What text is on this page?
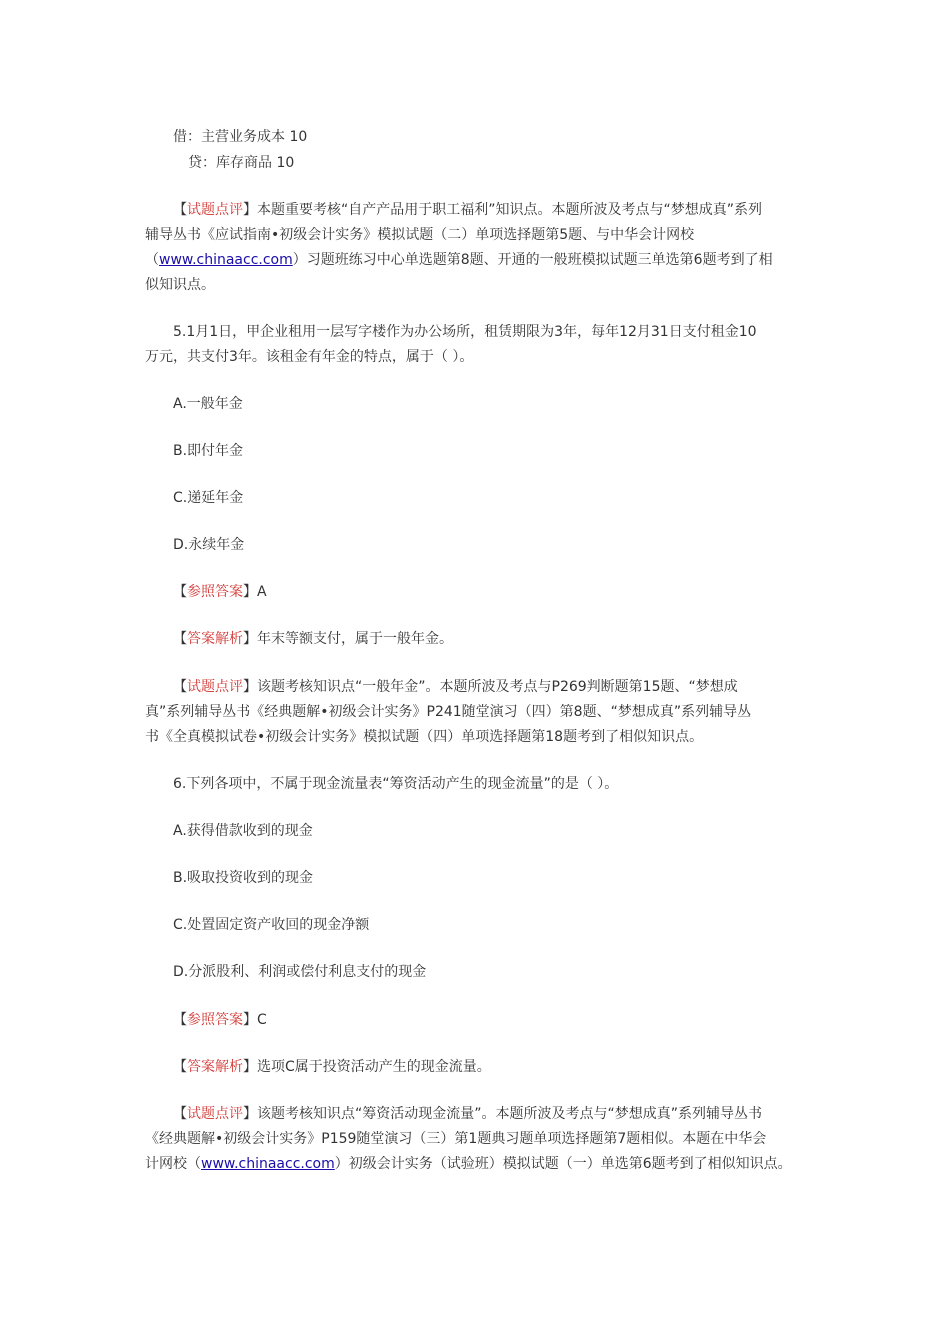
借：主营业务成本 10
贷：库存商品 10
【试题点评】本题重要考核“自产产品用于职工福利”知识点。本题所波及考点与“梦想成真”系列
辅导丛书《应试指南•初级会计实务》模拟试题（二）单项选择题第5题、与中华会计网校
（www.chinaacc.com）习题班练习中心单选题第8题、开通的一般班模拟试题三单选第6题考到了相
似知识点。
5.1月1日，甲企业租用一层写字楼作为办公场所，租赁期限为3年，每年12月31日支付租金10
万元，共支付3年。该租金有年金的特点，属于（ ）。
A.一般年金
B.即付年金
C.递延年金
D.永续年金
【参照答案】A
【答案解析】年末等额支付，属于一般年金。
【试题点评】该题考核知识点“一般年金”。本题所波及考点与P269判断题第15题、“梦想成
真”系列辅导丛书《经典题解•初级会计实务》P241随堂演习（四）第8题、“梦想成真”系列辅导丛
书《全真模拟试卷•初级会计实务》模拟试题（四）单项选择题第18题考到了相似知识点。
6.下列各项中，不属于现金流量表“筹资活动产生的现金流量”的是（ ）。
A.获得借款收到的现金
B.吸取投资收到的现金
C.处置固定资产收回的现金净额
D.分派股利、利润或偿付利息支付的现金
【参照答案】C
【答案解析】选项C属于投资活动产生的现金流量。
【试题点评】该题考核知识点“筹资活动现金流量”。本题所波及考点与“梦想成真”系列辅导丛书
《经典题解•初级会计实务》P159随堂演习（三）第1题典习题单项选择题第7题相似。本题在中华会
计网校（www.chinaacc.com）初级会计实务（试验班）模拟试题（一）单选第6题考到了相似知识点。
